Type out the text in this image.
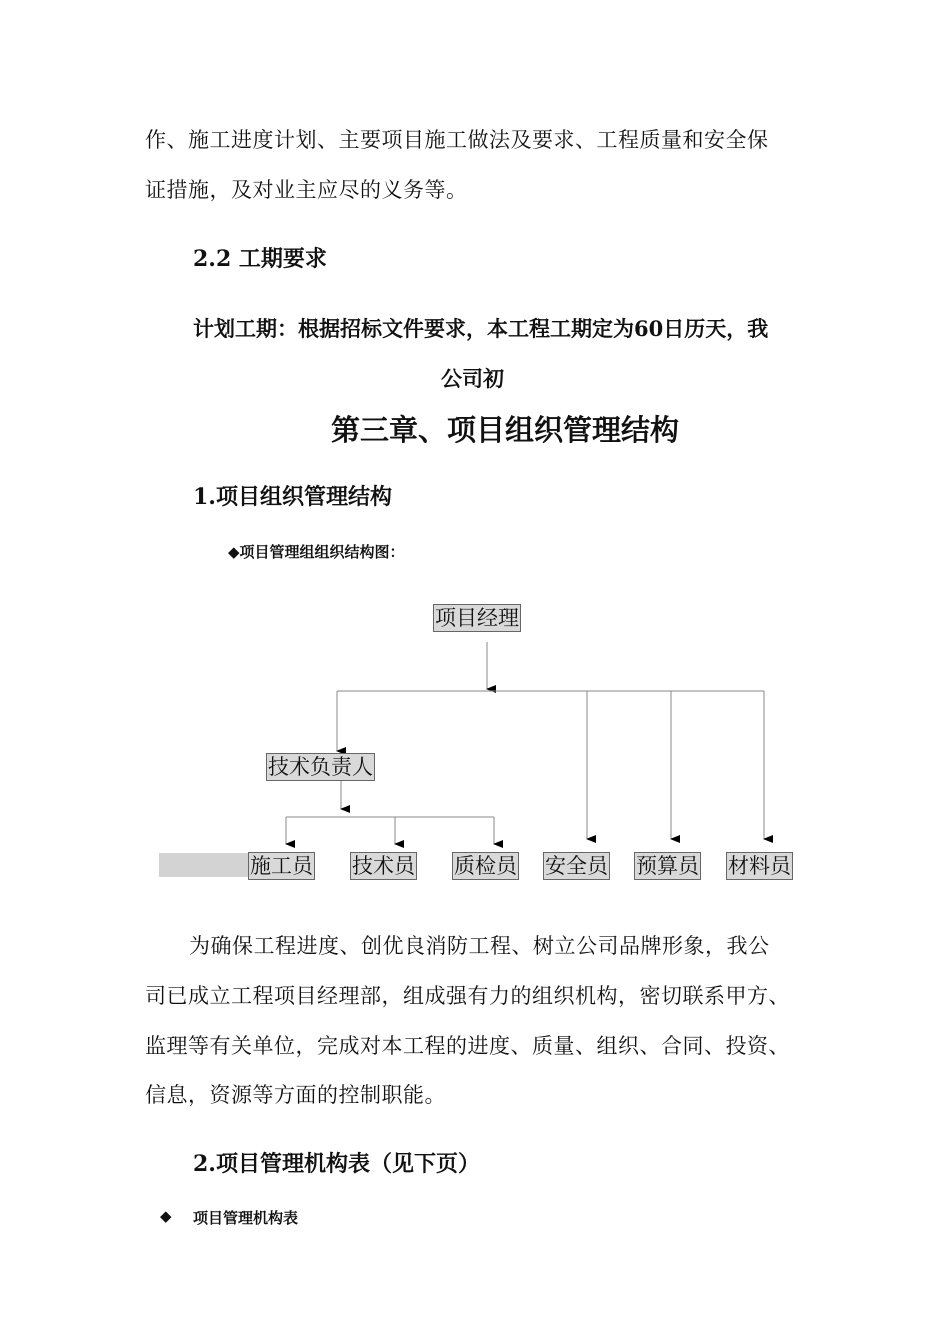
作、施工进度计划、主要项目施工做法及要求、工程质量和安全保
证措施，及对业主应尽的义务等。
2.2 工期要求
计划工期：根据招标文件要求，本工程工期定为60日历天，我
公司初
第三章、项目组织管理结构
1.项目组织管理结构
◆项目管理组组织结构图：
项目经理
技术负责人
施工员 技术员 质检员 安全员 预算员 材料员
为确保工程进度、创优良消防工程、树立公司品牌形象，我公
司已成立工程项目经理部，组成强有力的组织机构，密切联系甲方、
监理等有关单位，完成对本工程的进度、质量、组织、合同、投资、
信息，资源等方面的控制职能。
2.项目管理机构表（见下页）
◆ 项目管理机构表
